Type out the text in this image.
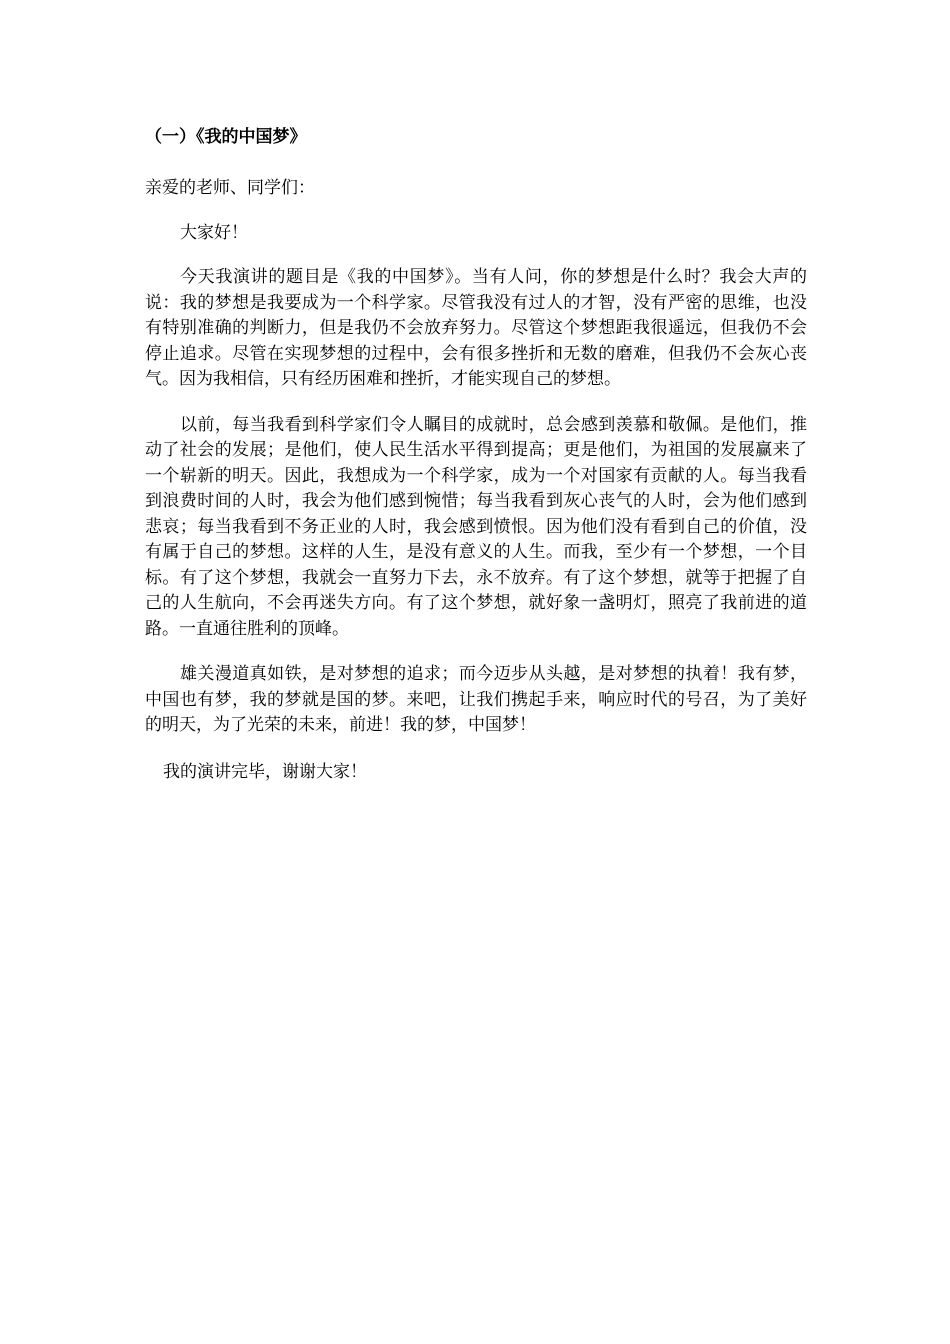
（一）《我的中国梦》
亲爱的老师、同学们：
大家好！

今天我演讲的题目是《我的中国梦》。当有人问，你的梦想是什么时？我会大声的说：我的梦想是我要成为一个科学家。尽管我没有过人的才智，没有严密的思维，也没有特别准确的判断力，但是我仍不会放弃努力。尽管这个梦想距我很遥远，但我仍不会停止追求。尽管在实现梦想的过程中，会有很多挫折和无数的磨难，但我仍不会灰心丧气。因为我相信，只有经历困难和挫折，才能实现自己的梦想。

以前，每当我看到科学家们令人瞩目的成就时，总会感到羡慕和敬佩。是他们，推动了社会的发展；是他们，使人民生活水平得到提高；更是他们，为祖国的发展赢来了一个崭新的明天。因此，我想成为一个科学家，成为一个对国家有贡献的人。每当我看到浪费时间的人时，我会为他们感到惋惜；每当我看到灰心丧气的人时，会为他们感到悲哀；每当我看到不务正业的人时，我会感到愤恨。因为他们没有看到自己的价值，没有属于自己的梦想。这样的人生，是没有意义的人生。而我，至少有一个梦想，一个目标。有了这个梦想，我就会一直努力下去，永不放弃。有了这个梦想，就等于把握了自己的人生航向，不会再迷失方向。有了这个梦想，就好象一盏明灯，照亮了我前进的道路。一直通往胜利的顶峰。

雄关漫道真如铁，是对梦想的追求；而今迈步从头越，是对梦想的执着！我有梦，中国也有梦，我的梦就是国的梦。来吧，让我们携起手来，响应时代的号召，为了美好的明天，为了光荣的未来，前进！我的梦，中国梦！

我的演讲完毕，谢谢大家！
